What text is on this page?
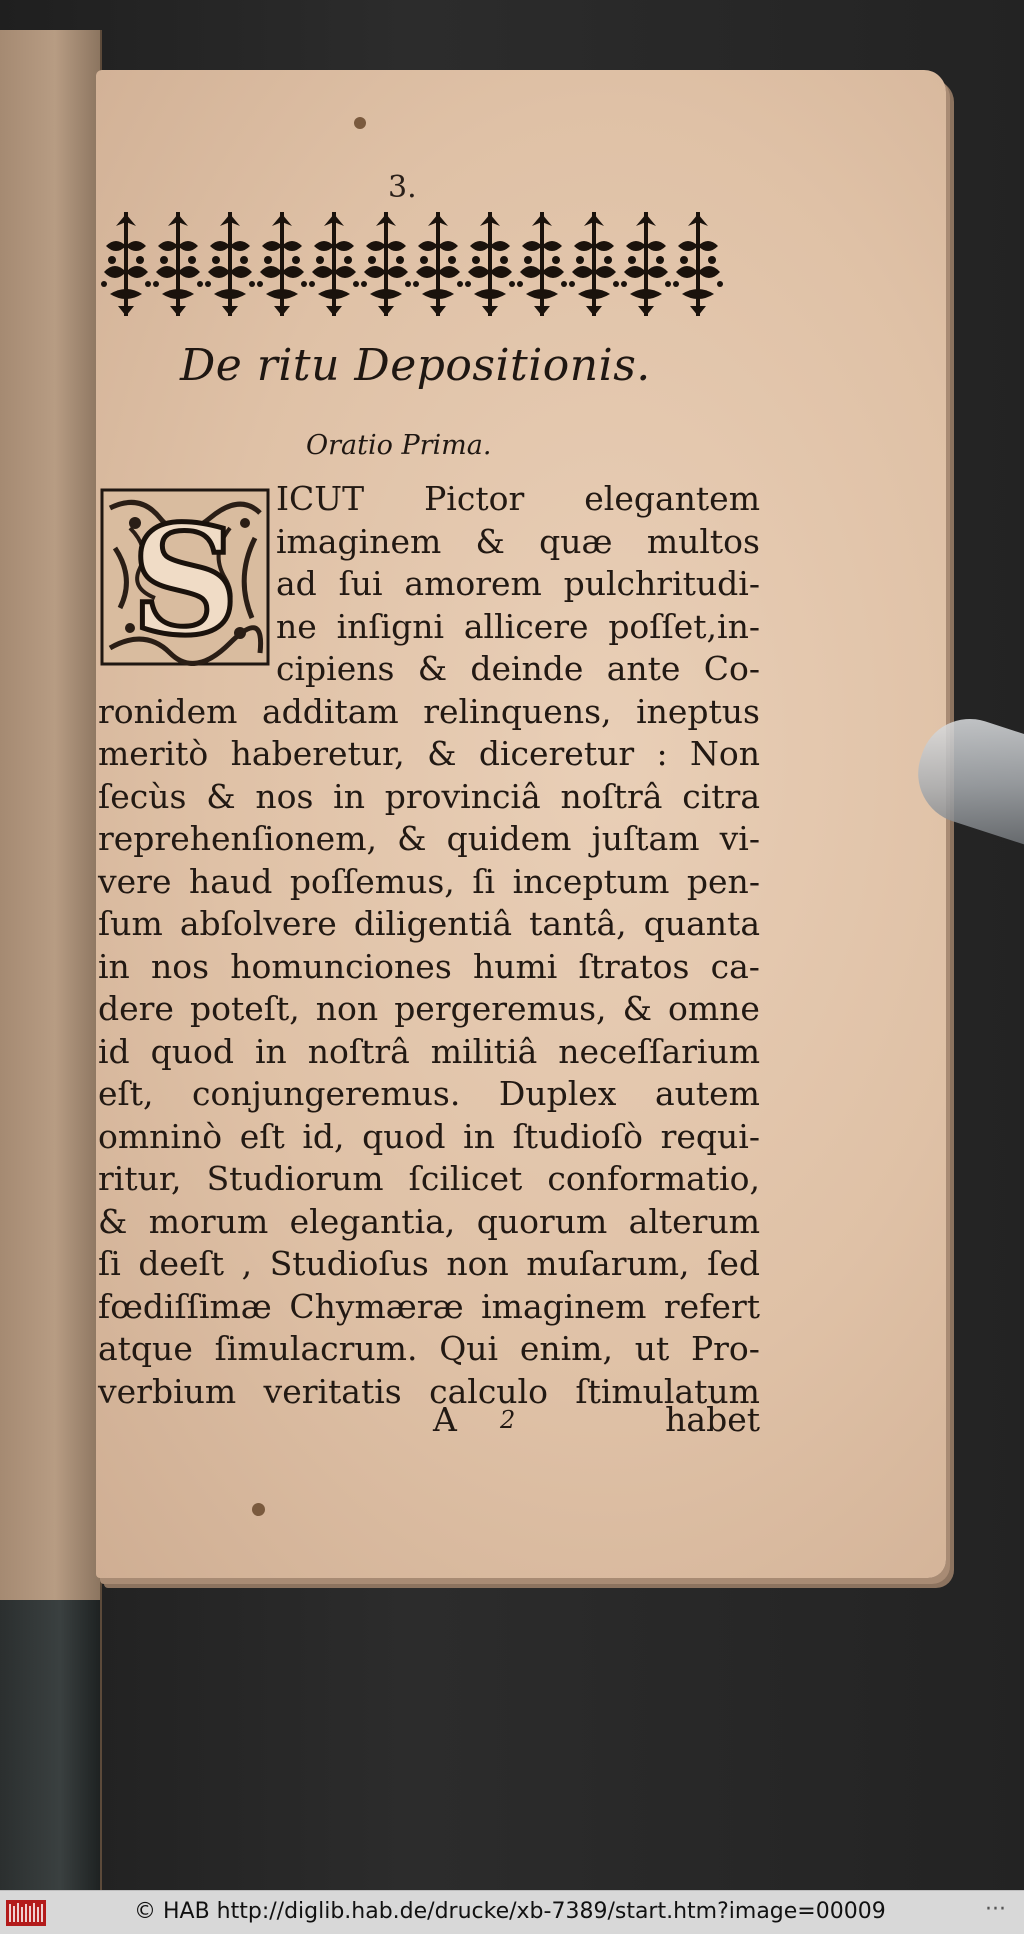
3.
De ritu Depositionis.
Oratio Prima.
S ICUT Pictor elegantem
imaginem & quæ multos
ad ſui amorem pulchritudi-
ne inſigni allicere poſſet,in-
cipiens & deinde ante Co-
ronidem additam relinquens, ineptus
meritò haberetur, & diceretur : Non
ſecùs & nos in provinciâ noſtrâ citra
reprehenſionem, & quidem juſtam vi-
vere haud poſſemus, ſi inceptum pen-
ſum abſolvere diligentiâ tantâ, quanta
in nos homunciones humi ſtratos ca-
dere poteſt, non pergeremus, & omne
id quod in noſtrâ militiâ neceſſarium
eſt, conjungeremus. Duplex autem
omninò eſt id, quod in ſtudioſò requi-
ritur, Studiorum ſcilicet conformatio,
& morum elegantia, quorum alterum
ſi deeſt , Studioſus non muſarum, ſed
fœdiſſimæ Chymæræ imaginem refert
atque ſimulacrum. Qui enim, ut Pro-
verbium veritatis calculo ſtimulatum
A 2	habet
© HAB http://diglib.hab.de/drucke/xb-7389/start.htm?image=00009	···
